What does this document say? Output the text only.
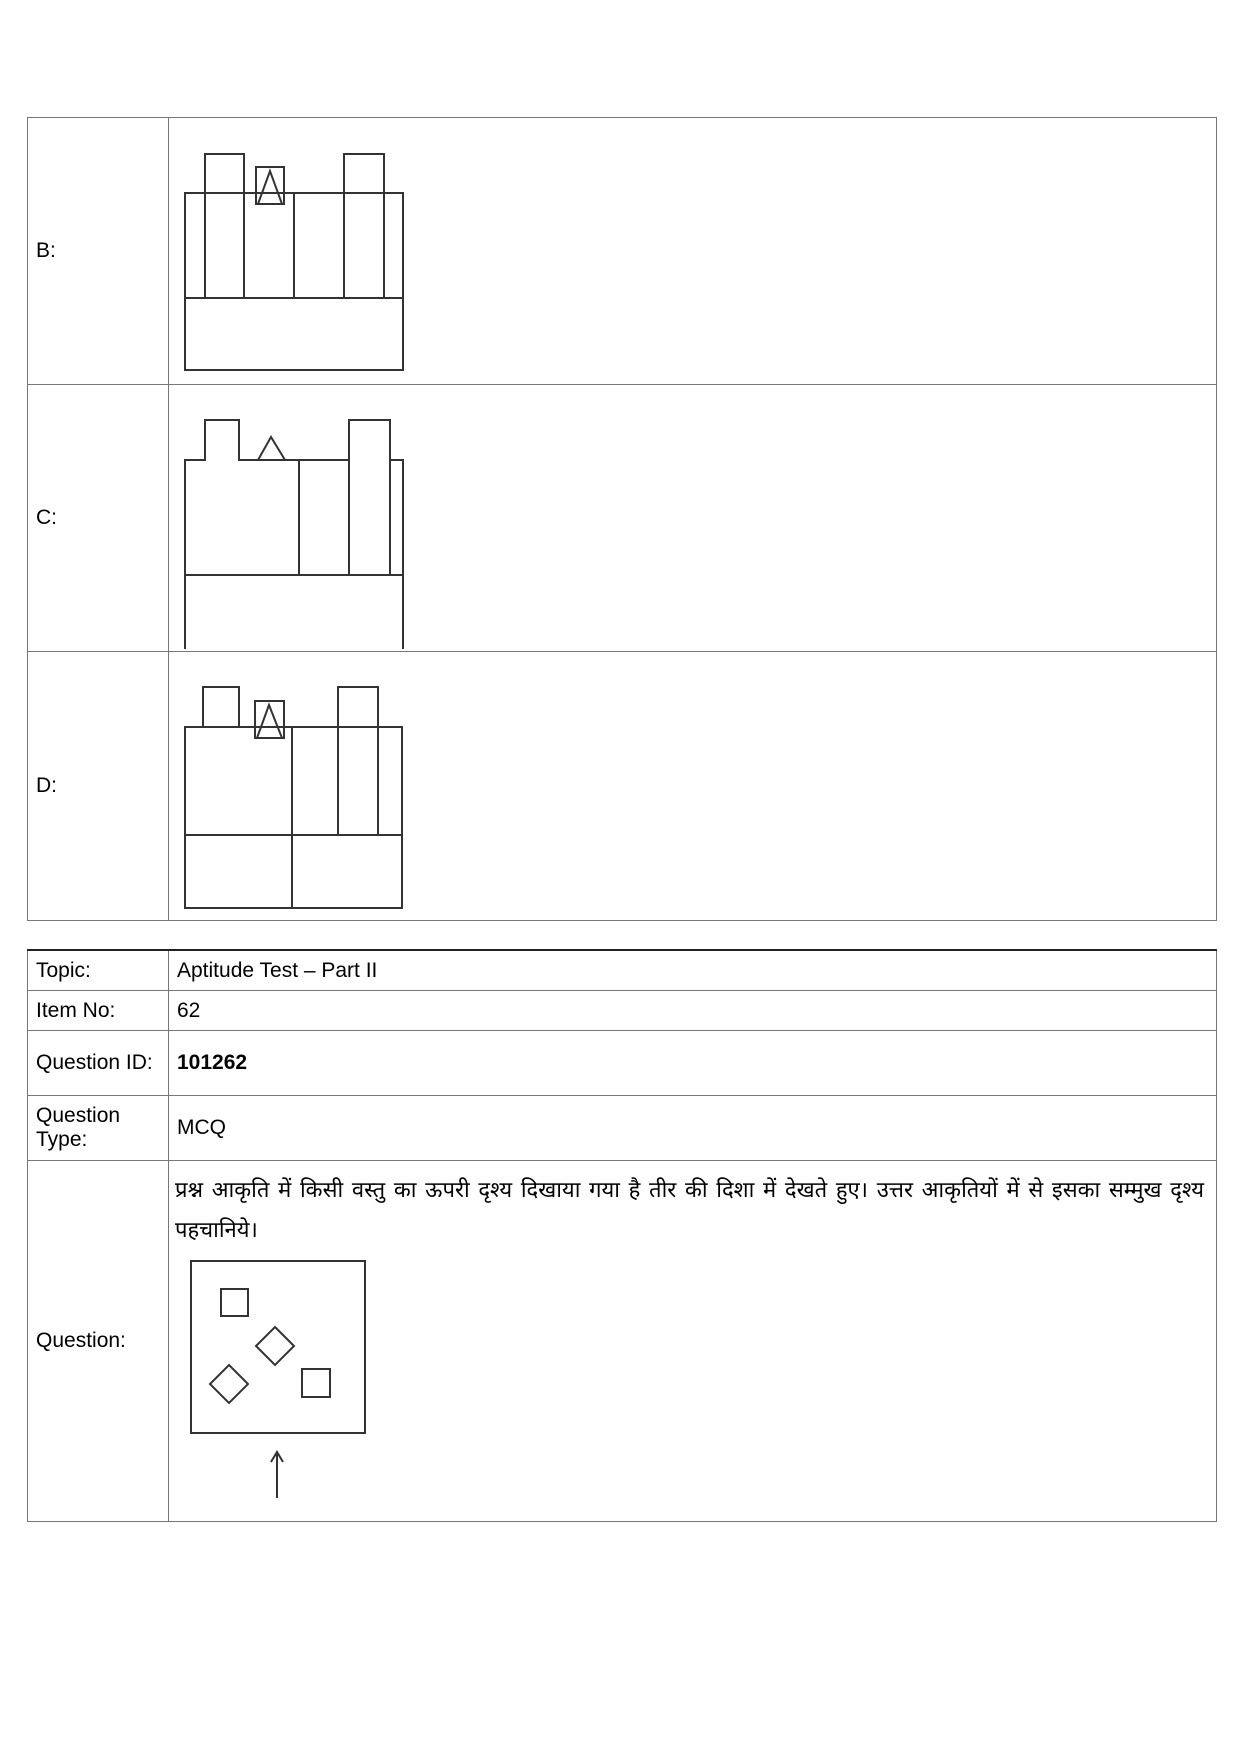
B:	

C:	

D:	
Topic:	Aptitude Test – Part II
Item No:	62
Question ID:	101262
Question Type:	MCQ
Question:	प्रश्न आकृति में किसी वस्तु का ऊपरी दृश्य दिखाया गया है तीर की दिशा में देखते हुए। उत्तर आकृतियों में से इसका सम्मुख दृश्य पहचानिये।
